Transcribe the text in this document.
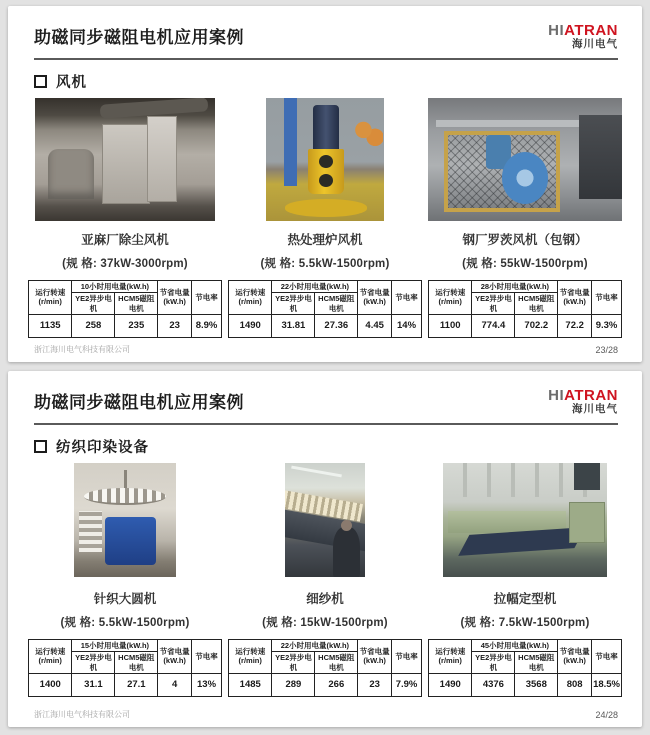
助磁同步磁阻电机应用案例	HIATRAN
海川电气
风机
亚麻厂除尘风机
(规 格: 37kW-3000rpm)
运行转速 (r/min)	10小时用电量(kW.h)		节省电量 (kW.h)	节电率
	YE2异步电机	HCM5磁阻电机		
1135	258	235	23	8.9%
热处理炉风机
(规 格: 5.5kW-1500rpm)
运行转速 (r/min)	22小时用电量(kW.h)		节省电量 (kW.h)	节电率
	YE2异步电机	HCM5磁阻电机		
1490	31.81	27.36	4.45	14%
钢厂罗茨风机（包钢）
(规 格: 55kW-1500rpm)
运行转速 (r/min)	28小时用电量(kW.h)		节省电量 (kW.h)	节电率
	YE2异步电机	HCM5磁阻电机		
1100	774.4	702.2	72.2	9.3%
浙江海川电气科技有限公司	23/28
助磁同步磁阻电机应用案例	HIATRAN
海川电气
纺织印染设备
针织大圆机
(规 格: 5.5kW-1500rpm)
运行转速 (r/min)	15小时用电量(kW.h)		节省电量 (kW.h)	节电率
	YE2异步电机	HCM5磁阻电机		
1400	31.1	27.1	4	13%
细纱机
(规 格: 15kW-1500rpm)
运行转速 (r/min)	22小时用电量(kW.h)		节省电量 (kW.h)	节电率
	YE2异步电机	HCM5磁阻电机		
1485	289	266	23	7.9%
拉幅定型机
(规 格: 7.5kW-1500rpm)
运行转速 (r/min)	45小时用电量(kW.h)		节省电量 (kW.h)	节电率
	YE2异步电机	HCM5磁阻电机		
1490	4376	3568	808	18.5%
浙江海川电气科技有限公司	24/28
